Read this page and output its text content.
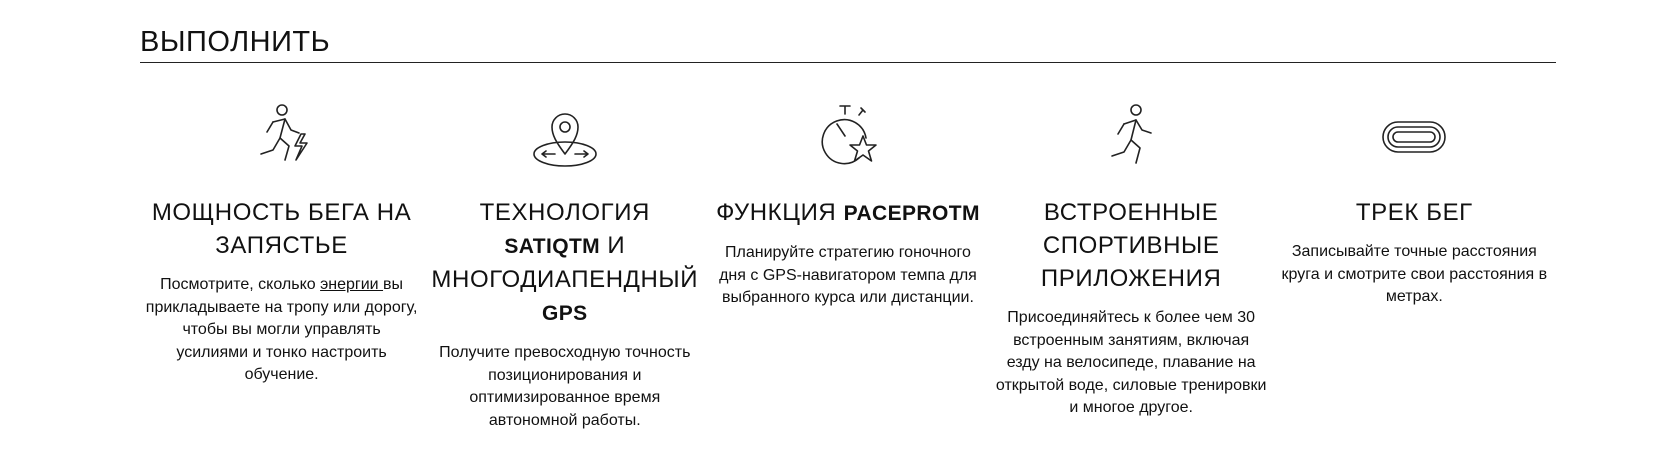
ВЫПОЛНИТЬ
МОЩНОСТЬ БЕГА НА ЗАПЯСТЬЕ
Посмотрите, сколько энергии вы прикладываете на тропу или дорогу, чтобы вы могли управлять усилиями и тонко настроить обучение.
ТЕХНОЛОГИЯ SATIQTM И МНОГОДИАПЕНДНЫЙ GPS
Получите превосходную точность позиционирования и оптимизированное время автономной работы.
ФУНКЦИЯ PACEPROTM
Планируйте стратегию гоночного дня с GPS-навигатором темпа для выбранного курса или дистанции.
ВСТРОЕННЫЕ СПОРТИВНЫЕ ПРИЛОЖЕНИЯ
Присоединяйтесь к более чем 30 встроенным занятиям, включая езду на велосипеде, плавание на открытой воде, силовые тренировки и многое другое.
ТРЕК БЕГ
Записывайте точные расстояния круга и смотрите свои расстояния в метрах.
